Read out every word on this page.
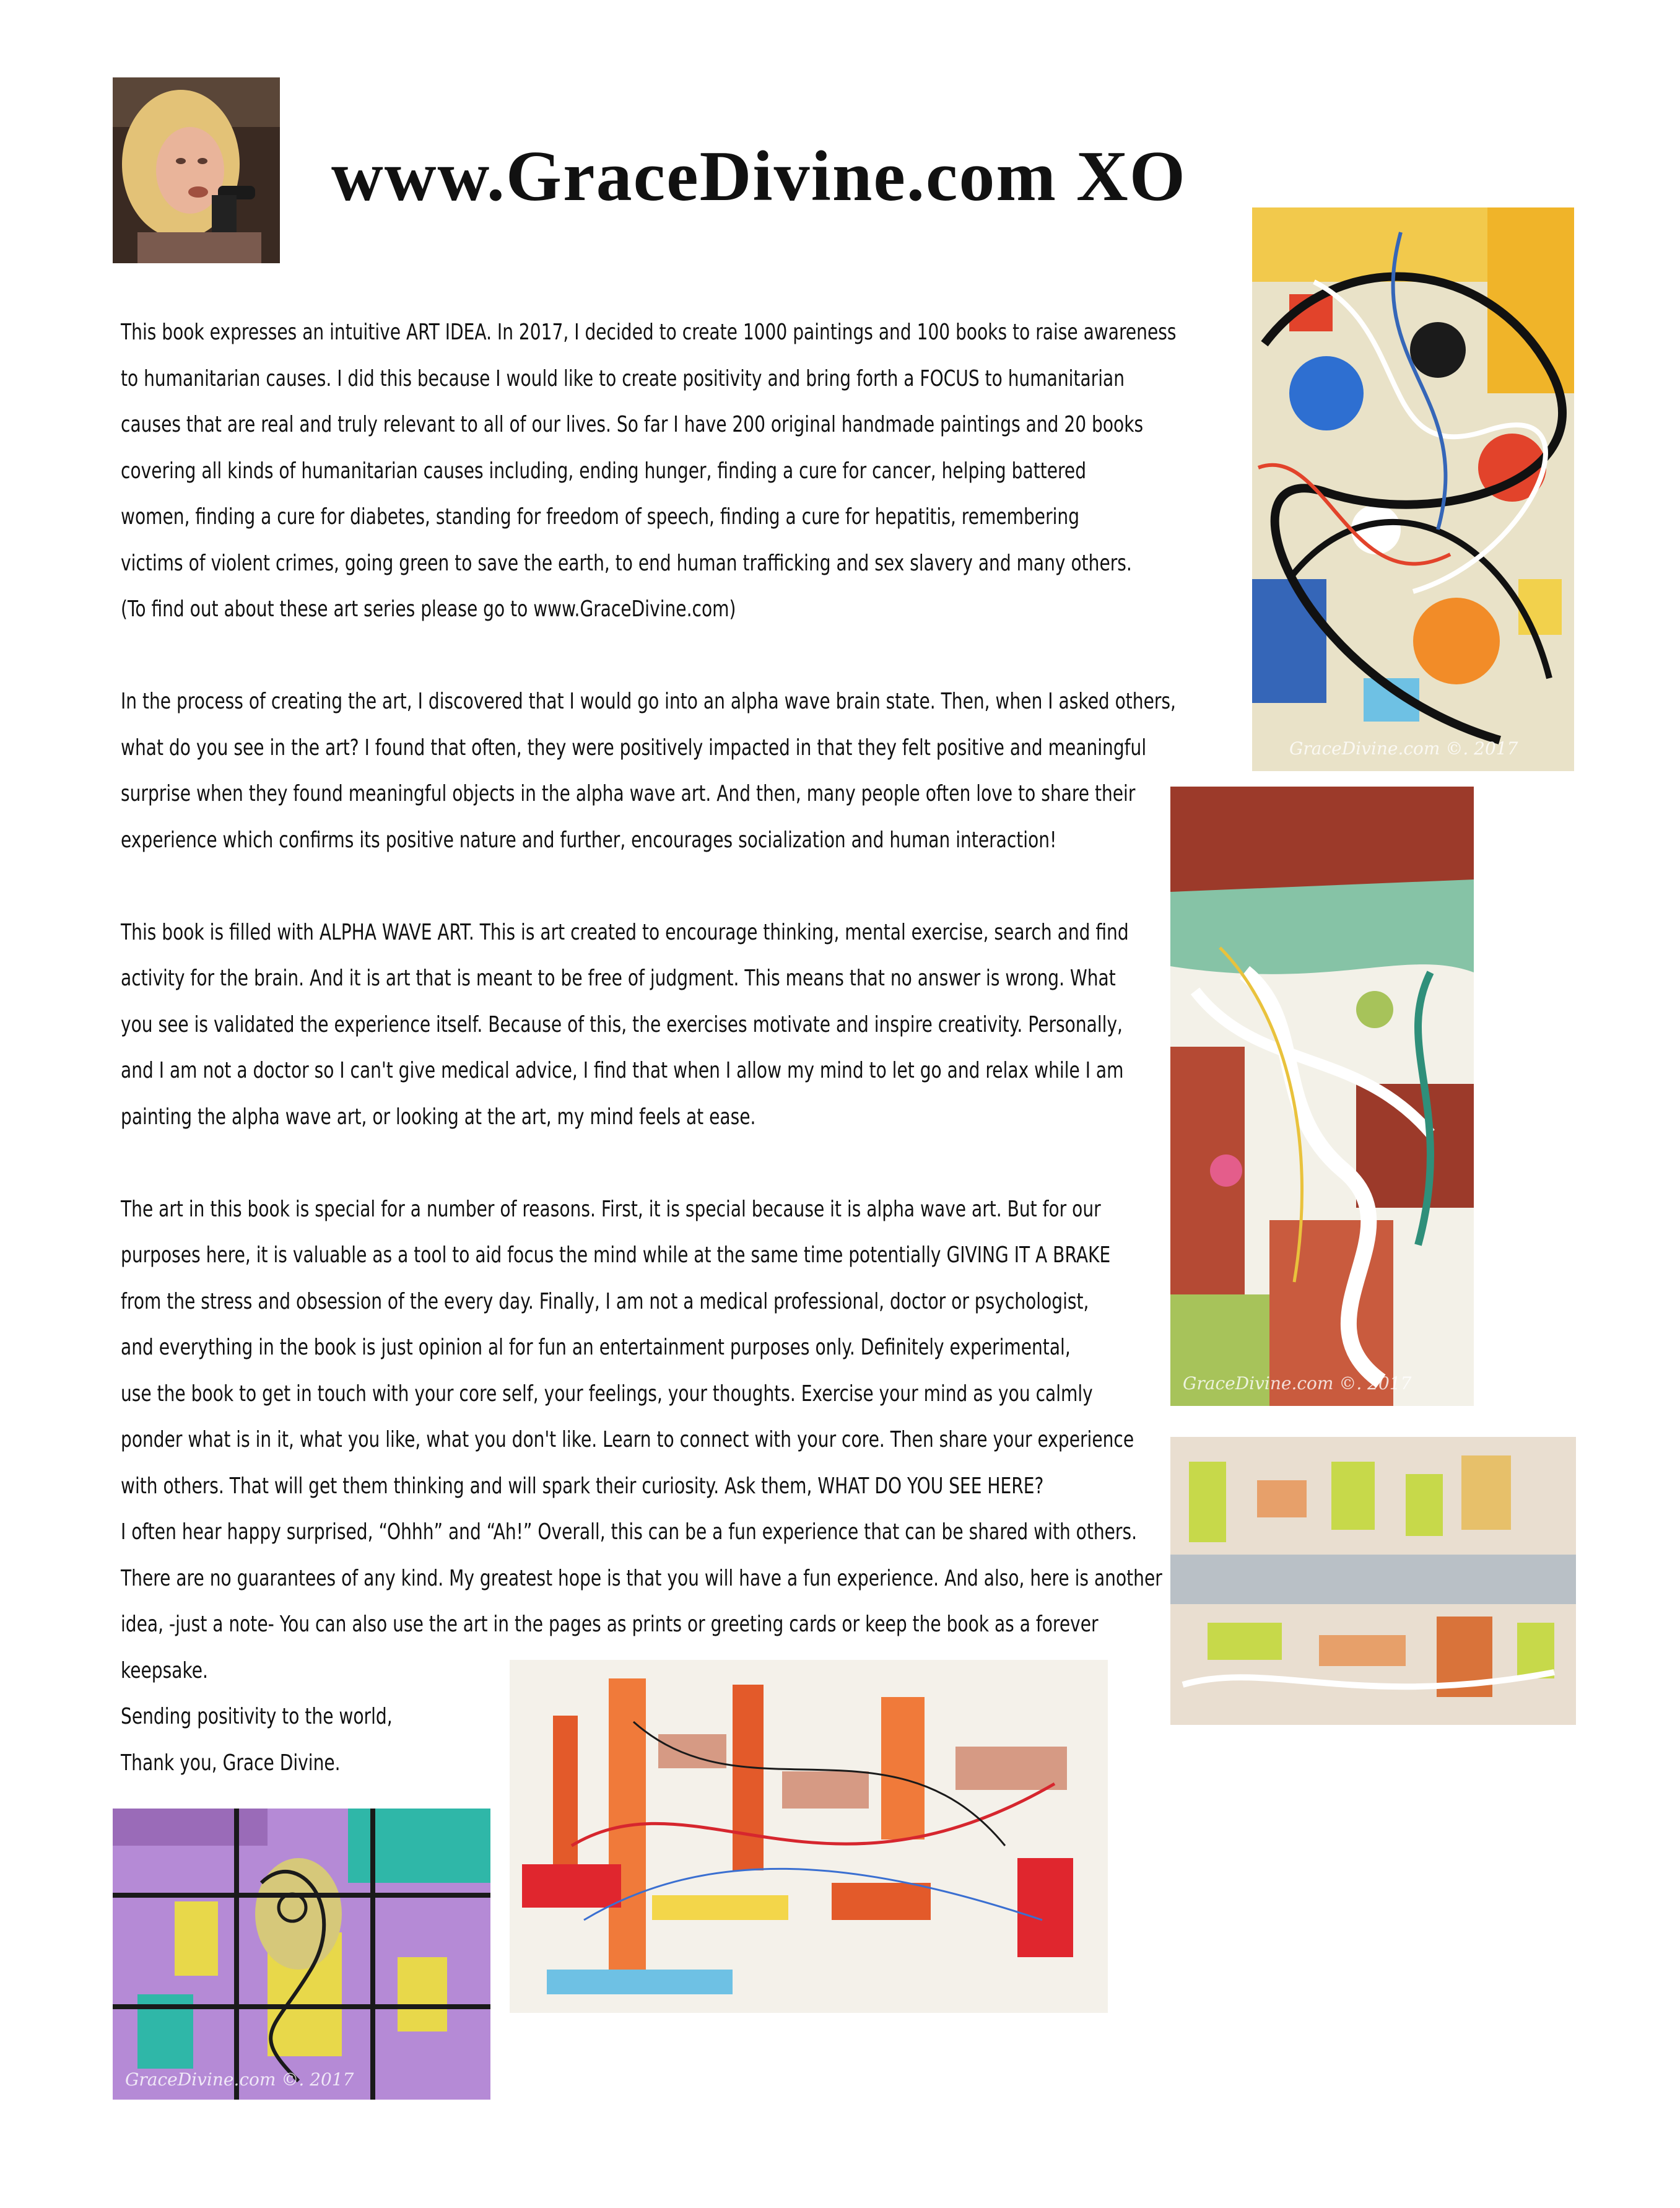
www.GraceDivine.com XO

This book expresses an intuitive ART IDEA. In 2017, I decided to create 1000 paintings and 100 books to raise awareness

to humanitarian causes. I did this because I would like to create positivity and bring forth a FOCUS to humanitarian

causes that are real and truly relevant to all of our lives. So far I have 200 original handmade paintings and 20 books

covering all kinds of humanitarian causes including, ending hunger, finding a cure for cancer, helping battered

women, finding a cure for diabetes, standing for freedom of speech, finding a cure for hepatitis, remembering

victims of violent crimes, going green to save the earth, to end human trafficking and sex slavery and many others.

(To find out about these art series please go to www.GraceDivine.com)

In the process of creating the art, I discovered that I would go into an alpha wave brain state. Then, when I asked others,

what do you see in the art? I found that often, they were positively impacted in that they felt positive and meaningful

surprise when they found meaningful objects in the alpha wave art. And then, many people often love to share their

experience which confirms its positive nature and further, encourages socialization and human interaction!

This book is filled with ALPHA WAVE ART. This is art created to encourage thinking, mental exercise, search and find

activity for the brain. And it is art that is meant to be free of judgment. This means that no answer is wrong. What

you see is validated the experience itself. Because of this, the exercises motivate and inspire creativity. Personally,

and I am not a doctor so I can't give medical advice, I find that when I allow my mind to let go and relax while I am

painting the alpha wave art, or looking at the art, my mind feels at ease.

The art in this book is special for a number of reasons. First, it is special because it is alpha wave art. But for our

purposes here, it is valuable as a tool to aid focus the mind while at the same time potentially GIVING IT A BRAKE

from the stress and obsession of the every day. Finally, I am not a medical professional, doctor or psychologist,

and everything in the book is just opinion al for fun an entertainment purposes only. Definitely experimental,

use the book to get in touch with your core self, your feelings, your thoughts. Exercise your mind as you calmly

ponder what is in it, what you like, what you don't like. Learn to connect with your core. Then share your experience

with others. That will get them thinking and will spark their curiosity. Ask them, WHAT DO YOU SEE HERE?

I often hear happy surprised, “Ohhh” and “Ah!” Overall, this can be a fun experience that can be shared with others.

There are no guarantees of any kind. My greatest hope is that you will have a fun experience. And also, here is another

idea, -just a note- You can also use the art in the pages as prints or greeting cards or keep the book as a forever

keepsake.

Sending positivity to the world,

Thank you, Grace Divine.

GraceDivine.com ©. 2017
GraceDivine.com ©. 2017
GraceDivine.com ©. 2017
